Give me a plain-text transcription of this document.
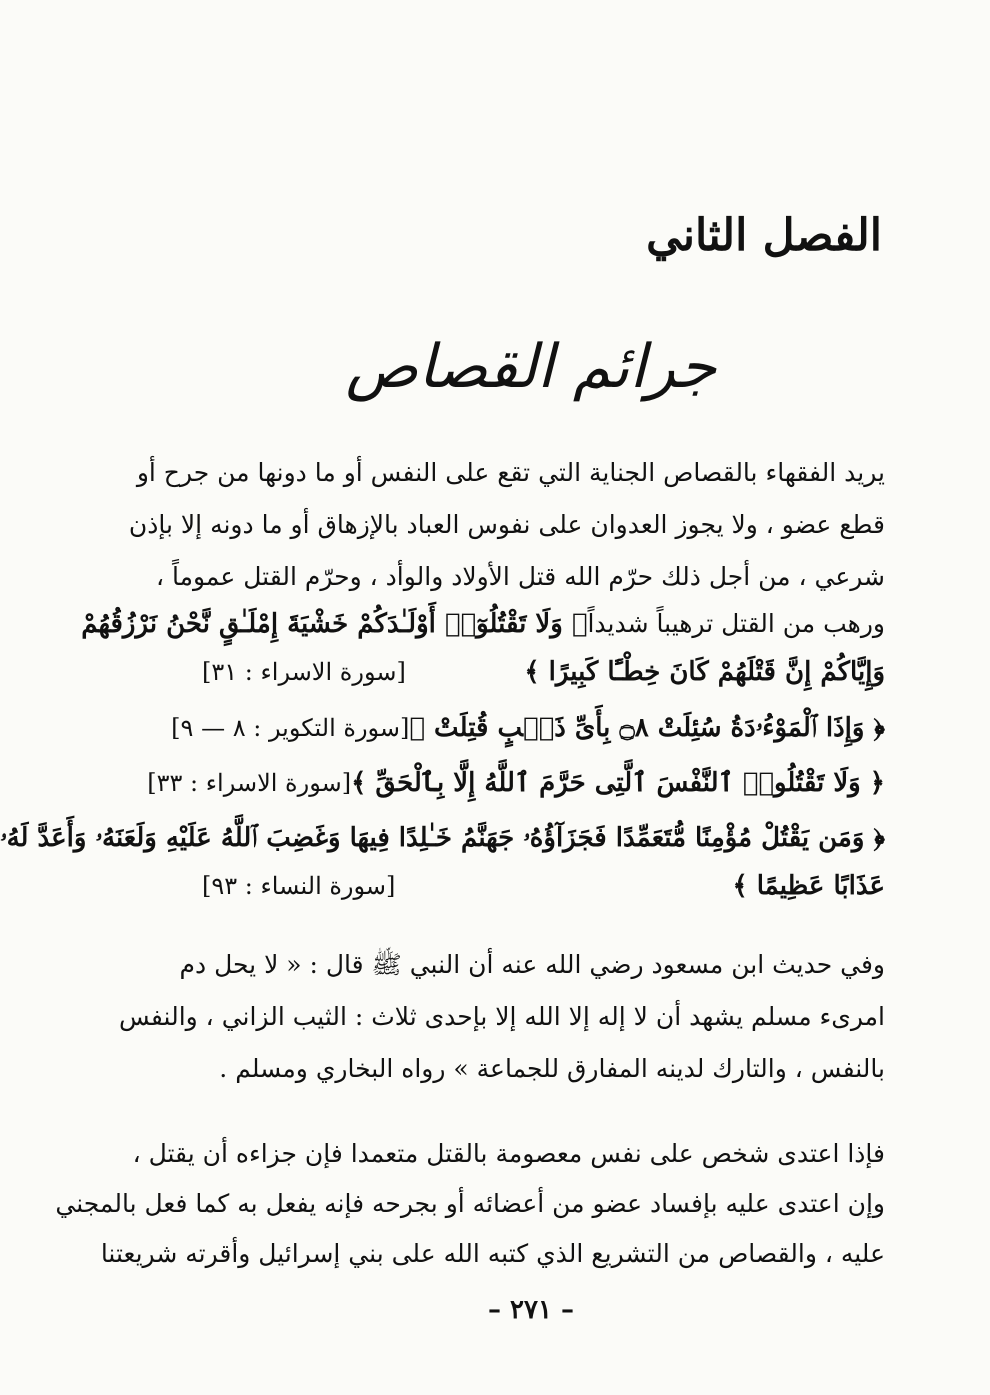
الفصل الثاني
جرائم القصاص
يريد الفقهاء بالقصاص الجناية التي تقع على النفس أو ما دونها من جرح أو
قطع عضو ، ولا يجوز العدوان على نفوس العباد بالإزهاق أو ما دونه إلا بإذن
شرعي ، من أجل ذلك حرّم الله قتل الأولاد والوأد ، وحرّم القتل عموماً ،
ورهب من القتل ترهيباً شديداً
﴿ وَلَا تَقْتُلُوٓا۟ أَوْلَـٰدَكُمْ خَشْيَةَ إِمْلَـٰقٍ نَّحْنُ نَرْزُقُهُمْ
وَإِيَّاكُمْ إِنَّ قَتْلَهُمْ كَانَ خِطْـًٔا كَبِيرًا ﴾
[سورة الاسراء : ٣١]
﴿ وَإِذَا ٱلْمَوْءُۥدَةُ سُئِلَتْ ۝٨ بِأَىِّ ذَنۢبٍ قُتِلَتْ ﴾
[سورة التكوير : ٨ — ٩]
﴿ وَلَا تَقْتُلُوا۟ ٱلنَّفْسَ ٱلَّتِى حَرَّمَ ٱللَّهُ إِلَّا بِٱلْحَقِّ ﴾
[سورة الاسراء : ٣٣]
﴿ وَمَن يَقْتُلْ مُؤْمِنًا مُّتَعَمِّدًا فَجَزَآؤُهُۥ جَهَنَّمُ خَـٰلِدًا فِيهَا وَغَضِبَ ٱللَّهُ عَلَيْهِ وَلَعَنَهُۥ وَأَعَدَّ لَهُۥ
عَذَابًا عَظِيمًا ﴾
[سورة النساء : ٩٣]
وفي حديث ابن مسعود رضي الله عنه أن النبي ﷺ قال : « لا يحل دم
امرىء مسلم يشهد أن لا إله إلا الله إلا بإحدى ثلاث : الثيب الزاني ، والنفس
بالنفس ، والتارك لدينه المفارق للجماعة » رواه البخاري ومسلم .
فإذا اعتدى شخص على نفس معصومة بالقتل متعمدا فإن جزاءه أن يقتل ،
وإن اعتدى عليه بإفساد عضو من أعضائه أو بجرحه فإنه يفعل به كما فعل بالمجني
عليه ، والقصاص من التشريع الذي كتبه الله على بني إسرائيل وأقرته شريعتنا
– ٢٧١ –
